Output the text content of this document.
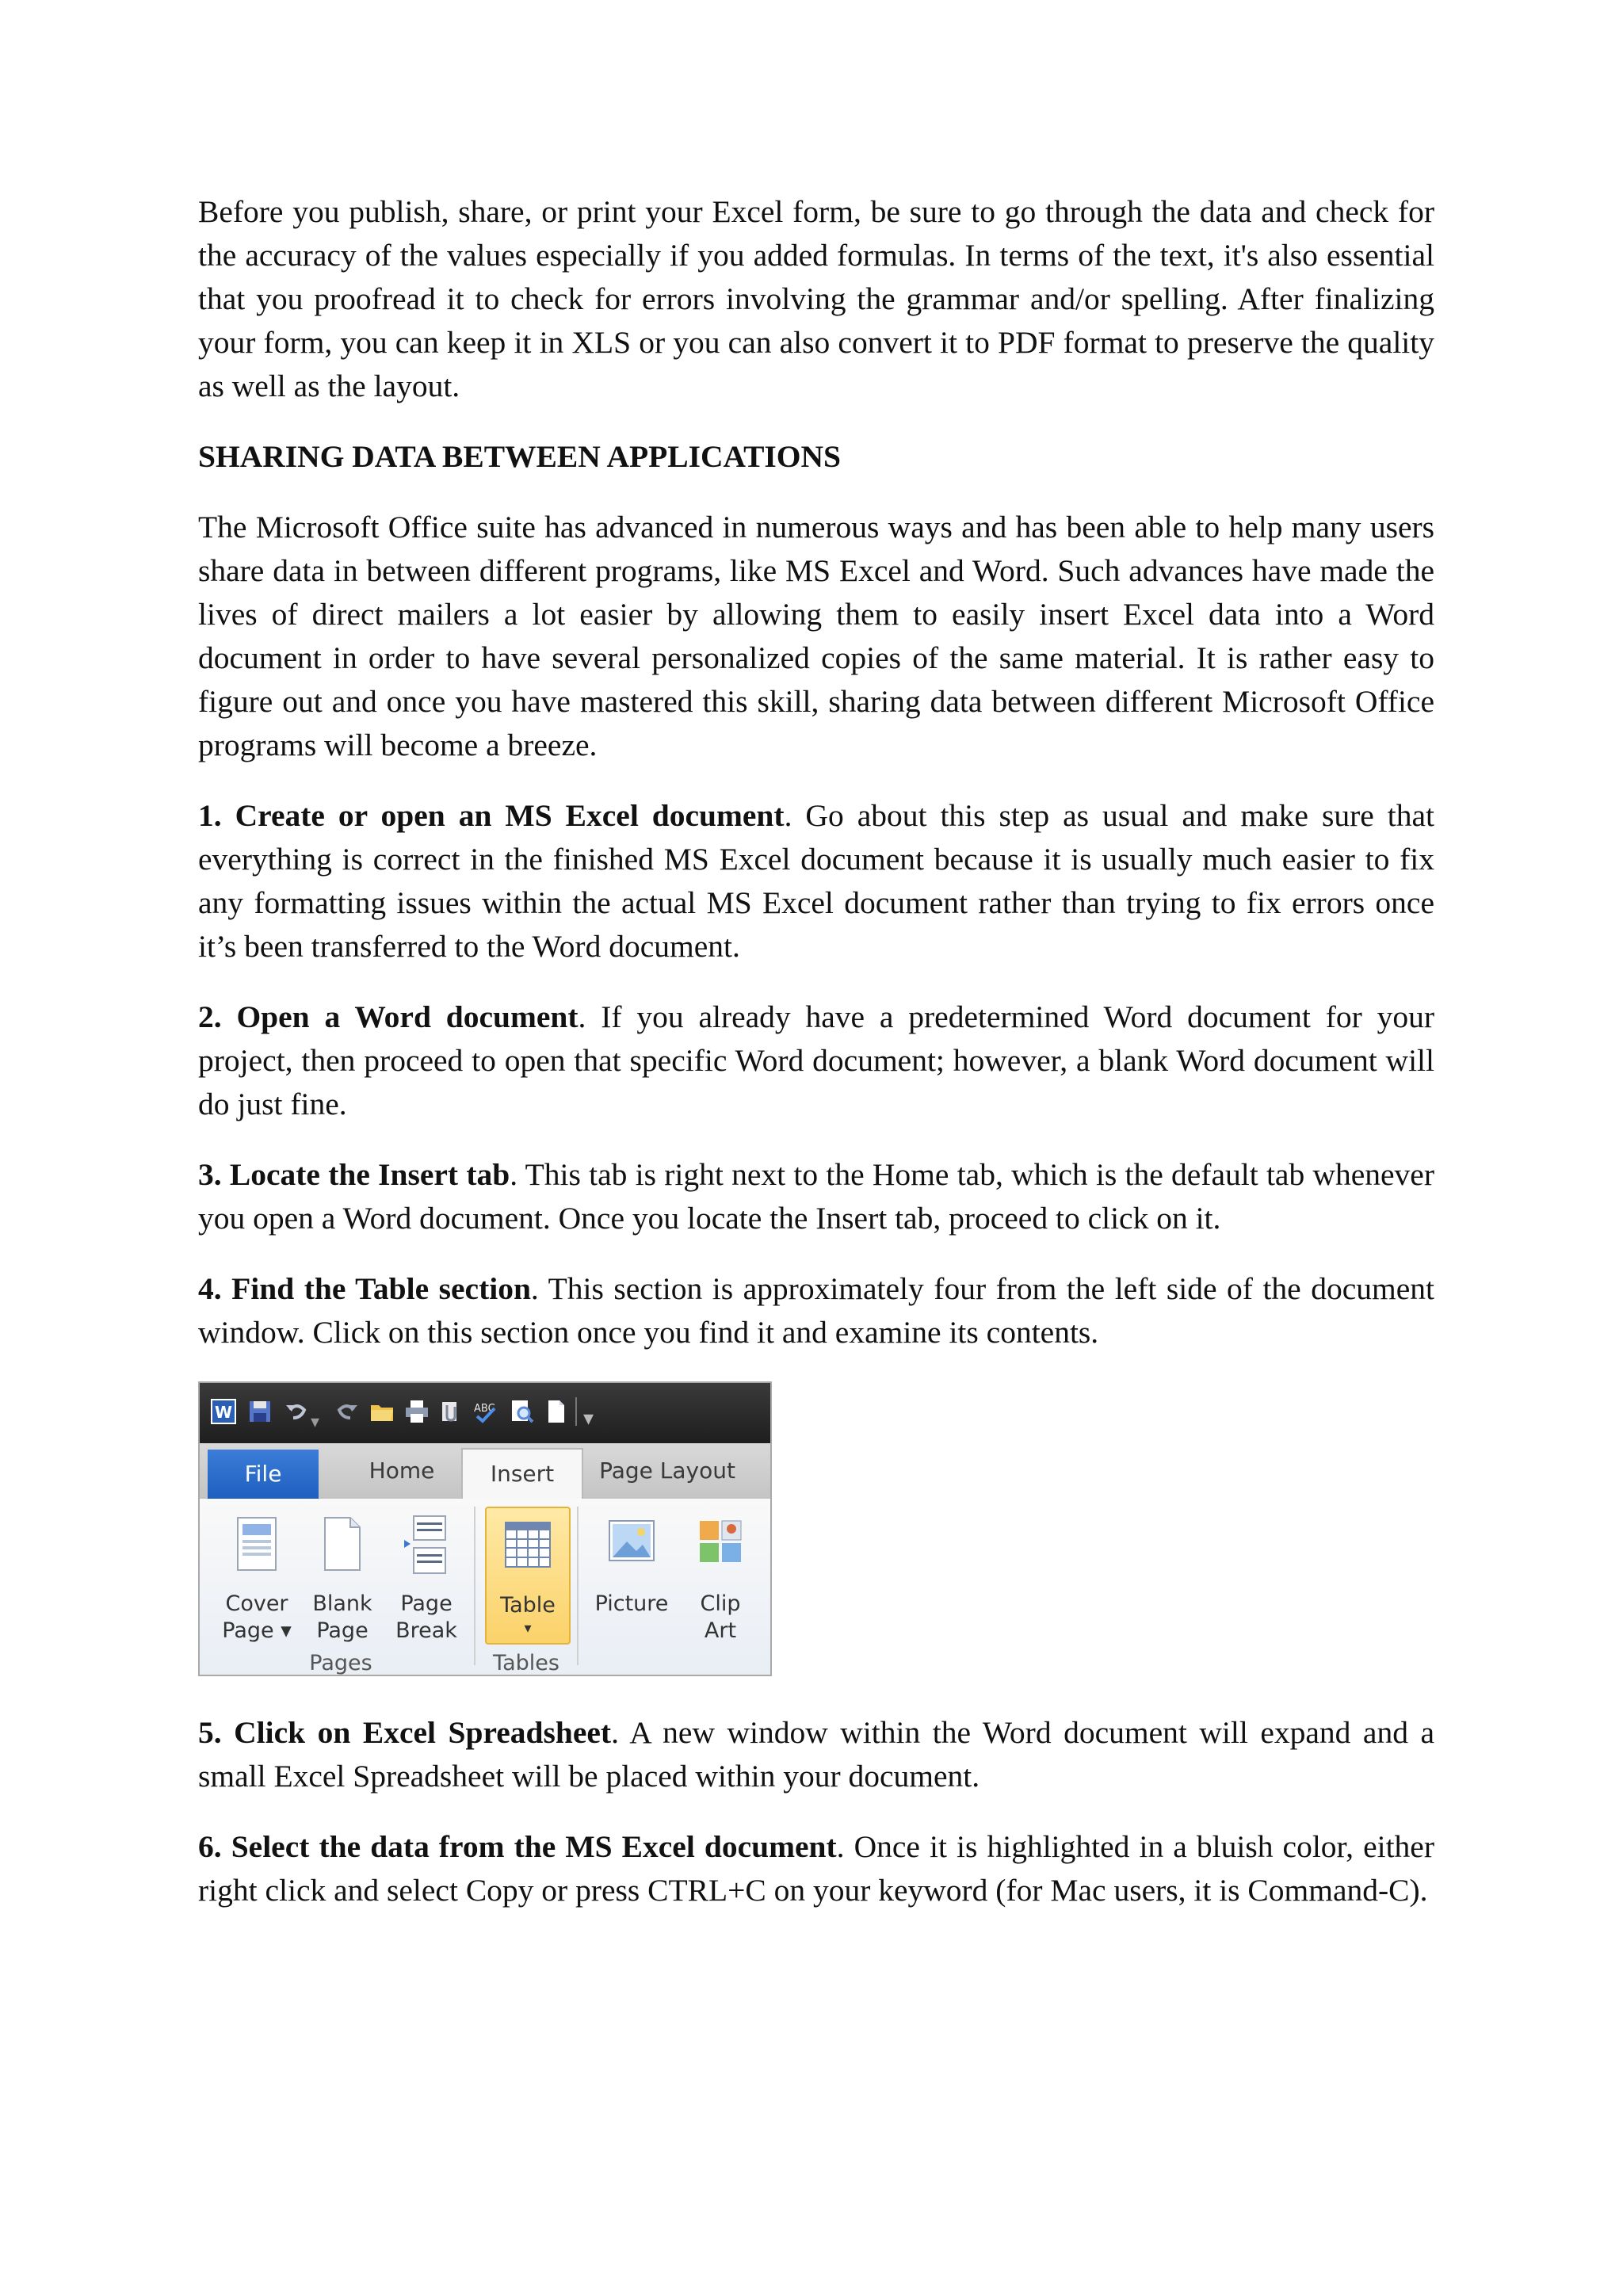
Before you publish, share, or print your Excel form, be sure to go through the data and check for the accuracy of the values especially if you added formulas. In terms of the text, it's also essential that you proofread it to check for errors involving the grammar and/or spelling. After finalizing your form, you can keep it in XLS or you can also convert it to PDF format to preserve the quality as well as the layout.

SHARING DATA BETWEEN APPLICATIONS

The Microsoft Office suite has advanced in numerous ways and has been able to help many users share data in between different programs, like MS Excel and Word. Such advances have made the lives of direct mailers a lot easier by allowing them to easily insert Excel data into a Word document in order to have several personalized copies of the same material. It is rather easy to figure out and once you have mastered this skill, sharing data between different Microsoft Office programs will become a breeze.

1. Create or open an MS Excel document. Go about this step as usual and make sure that everything is correct in the finished MS Excel document because it is usually much easier to fix any formatting issues within the actual MS Excel document rather than trying to fix errors once it’s been transferred to the Word document.

2. Open a Word document. If you already have a predetermined Word document for your project, then proceed to open that specific Word document; however, a blank Word document will do just fine.

3. Locate the Insert tab. This tab is right next to the Home tab, which is the default tab whenever you open a Word document. Once you locate the Insert tab, proceed to click on it.

4. Find the Table section. This section is approximately four from the left side of the document window. Click on this section once you find it and examine its contents.

W	▾
ABC	▾
File	Home	Insert	Page Layout
Cover
Page ▾
Blank
Page
Page
Break
Pages
Table
▾
Tables
Picture	Clip
Art

5. Click on Excel Spreadsheet. A new window within the Word document will expand and a small Excel Spreadsheet will be placed within your document.

6. Select the data from the MS Excel document. Once it is highlighted in a bluish color, either right click and select Copy or press CTRL+C on your keyword (for Mac users, it is Command-C).
